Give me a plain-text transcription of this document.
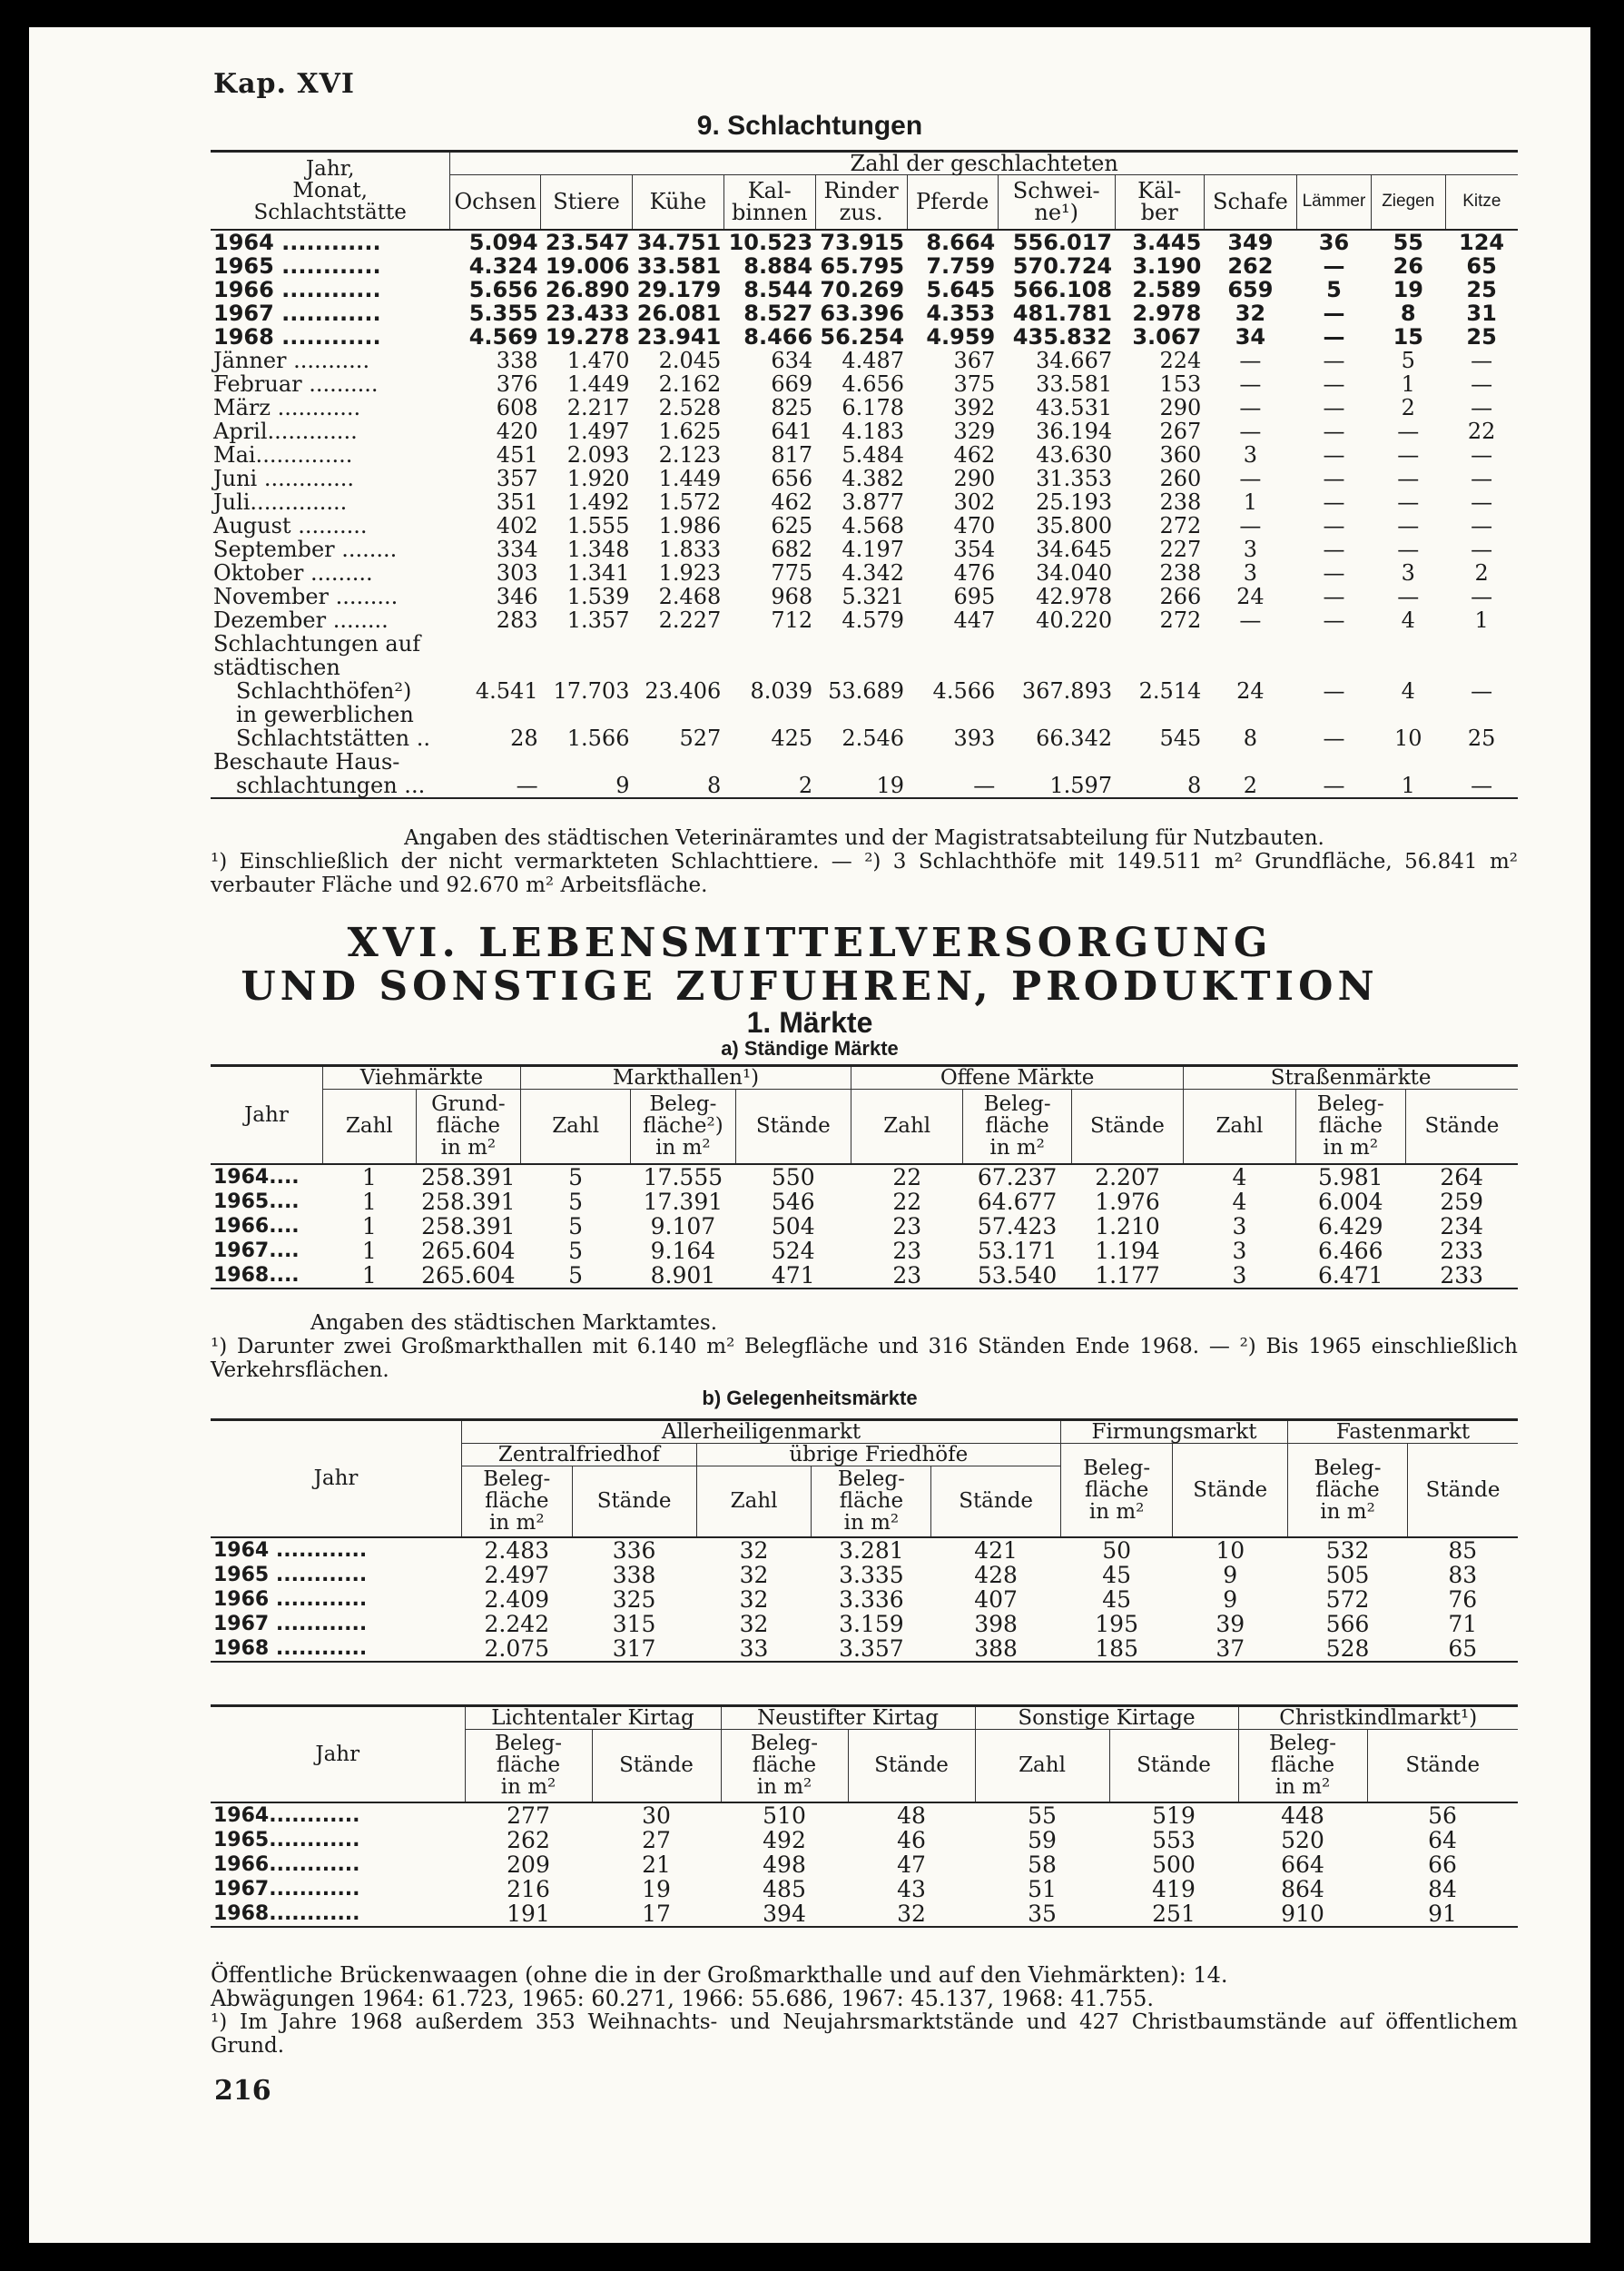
Kap. XVI
9. Schlachtungen
Jahr,
Monat,
Schlachtstätte	Zahl der geschlachteten											
	Ochsen	Stiere	Kühe	Kal-
binnen	Rinder
zus.	Pferde	Schwei-
ne¹)	Käl-
ber	Schafe	Lämmer	Ziegen	Kitze
1964 ............	5.094	23.547	34.751	10.523	73.915	8.664	556.017	3.445	349	36	55	124
1965 ............	4.324	19.006	33.581	8.884	65.795	7.759	570.724	3.190	262	—	26	65
1966 ............	5.656	26.890	29.179	8.544	70.269	5.645	566.108	2.589	659	5	19	25
1967 ............	5.355	23.433	26.081	8.527	63.396	4.353	481.781	2.978	32	—	8	31
1968 ............	4.569	19.278	23.941	8.466	56.254	4.959	435.832	3.067	34	—	15	25
Jänner ...........	338	1.470	2.045	634	4.487	367	34.667	224	—	—	5	—
Februar ..........	376	1.449	2.162	669	4.656	375	33.581	153	—	—	1	—
März ............	608	2.217	2.528	825	6.178	392	43.531	290	—	—	2	—
April.............	420	1.497	1.625	641	4.183	329	36.194	267	—	—	—	22
Mai..............	451	2.093	2.123	817	5.484	462	43.630	360	3	—	—	—
Juni .............	357	1.920	1.449	656	4.382	290	31.353	260	—	—	—	—
Juli..............	351	1.492	1.572	462	3.877	302	25.193	238	1	—	—	—
August ..........	402	1.555	1.986	625	4.568	470	35.800	272	—	—	—	—
September ........	334	1.348	1.833	682	4.197	354	34.645	227	3	—	—	—
Oktober .........	303	1.341	1.923	775	4.342	476	34.040	238	3	—	3	2
November .........	346	1.539	2.468	968	5.321	695	42.978	266	24	—	—	—
Dezember ........	283	1.357	2.227	712	4.579	447	40.220	272	—	—	4	1
Schlachtungen auf												
städtischen												
Schlachthöfen²)	4.541	17.703	23.406	8.039	53.689	4.566	367.893	2.514	24	—	4	—
in gewerblichen												
Schlachtstätten ..	28	1.566	527	425	2.546	393	66.342	545	8	—	10	25
Beschaute Haus-												
schlachtungen ...	—	9	8	2	19	—	1.597	8	2	—	1	—
Angaben des städtischen Veterinäramtes und der Magistratsabteilung für Nutzbauten.
¹) Einschließlich der nicht vermarkteten Schlachttiere. — ²) 3 Schlachthöfe mit 149.511 m² Grundfläche, 56.841 m² verbauter Fläche und 92.670 m² Arbeitsfläche.
XVI. LEBENSMITTELVERSORGUNG
UND SONSTIGE ZUFUHREN, PRODUKTION
1. Märkte
a) Ständige Märkte
Jahr	Viehmärkte		Markthallen¹)			Offene Märkte			Straßenmärkte		
	Zahl	Grund-
fläche
in m²	Zahl	Beleg-
fläche²)
in m²	Stände	Zahl	Beleg-
fläche
in m²	Stände	Zahl	Beleg-
fläche
in m²	Stände
1964....	1	258.391	5	17.555	550	22	67.237	2.207	4	5.981	264
1965....	1	258.391	5	17.391	546	22	64.677	1.976	4	6.004	259
1966....	1	258.391	5	9.107	504	23	57.423	1.210	3	6.429	234
1967....	1	265.604	5	9.164	524	23	53.171	1.194	3	6.466	233
1968....	1	265.604	5	8.901	471	23	53.540	1.177	3	6.471	233
Angaben des städtischen Marktamtes.
¹) Darunter zwei Großmarkthallen mit 6.140 m² Belegfläche und 316 Ständen Ende 1968. — ²) Bis 1965 einschließlich Verkehrsflächen.
b) Gelegenheitsmärkte
Jahr	Allerheiligenmarkt					Firmungsmarkt		Fastenmarkt	
	Zentralfriedhof		übrige Friedhöfe			Beleg-
fläche
in m²	Stände	Beleg-
fläche
in m²	Stände
	Beleg-
fläche
in m²	Stände	Zahl	Beleg-
fläche
in m²	Stände				
1964 ............	2.483	336	32	3.281	421	50	10	532	85
1965 ............	2.497	338	32	3.335	428	45	9	505	83
1966 ............	2.409	325	32	3.336	407	45	9	572	76
1967 ............	2.242	315	32	3.159	398	195	39	566	71
1968 ............	2.075	317	33	3.357	388	185	37	528	65
Jahr	Lichtentaler Kirtag		Neustifter Kirtag		Sonstige Kirtage		Christkindlmarkt¹)	
	Beleg-
fläche
in m²	Stände	Beleg-
fläche
in m²	Stände	Zahl	Stände	Beleg-
fläche
in m²	Stände
1964............	277	30	510	48	55	519	448	56
1965............	262	27	492	46	59	553	520	64
1966............	209	21	498	47	58	500	664	66
1967............	216	19	485	43	51	419	864	84
1968............	191	17	394	32	35	251	910	91
Öffentliche Brückenwaagen (ohne die in der Großmarkthalle und auf den Viehmärkten): 14.
Abwägungen 1964: 61.723, 1965: 60.271, 1966: 55.686, 1967: 45.137, 1968: 41.755.
¹) Im Jahre 1968 außerdem 353 Weihnachts- und Neujahrsmarktstände und 427 Christbaumstände auf öffentlichem Grund.
216
